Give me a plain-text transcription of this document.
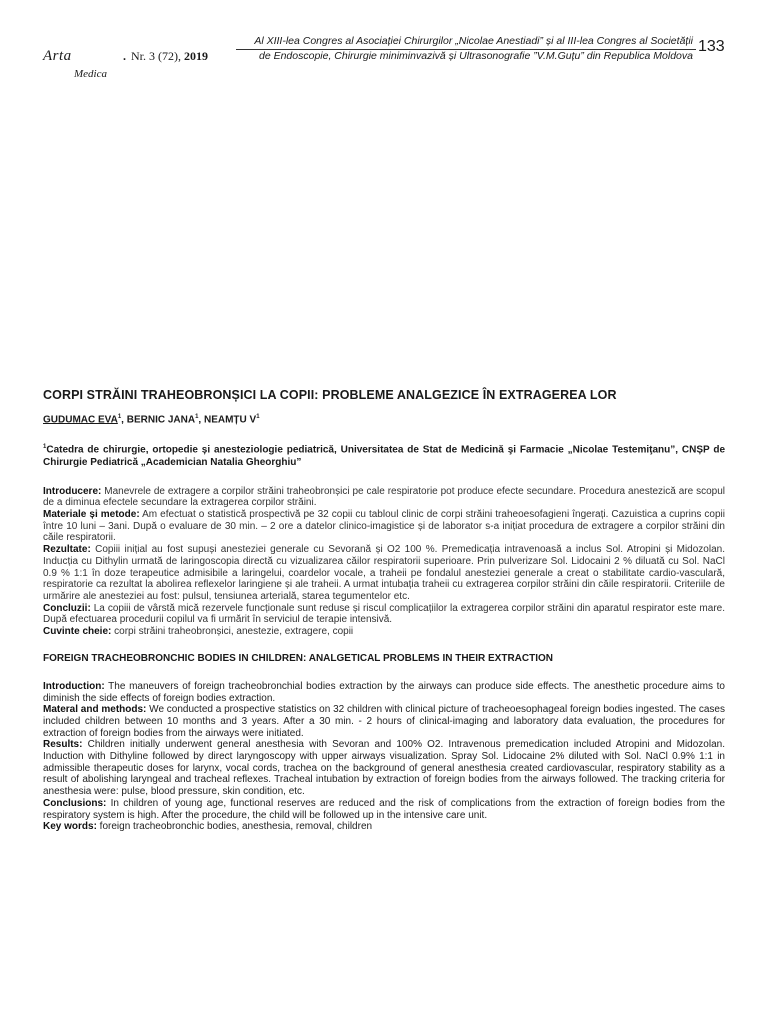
Arta
Medica
. Nr. 3 (72), 2019
Al XIII-lea Congres al Asociației Chirurgilor „Nicolae Anestiadi” și al III-lea Congres al Societății
de Endoscopie, Chirurgie miniminvazivă și Ultrasonografie ”V.M.Guțu” din Republica Moldova
133
CORPI STRĂINI TRAHEOBRONȘICI LA COPII: PROBLEME ANALGEZICE ÎN EXTRAGEREA LOR

GUDUMAC EVA$^1$, BERNIC JANA$^1$, NEAMȚU $V^1$

$^1$Catedra de chirurgie, ortopedie și anesteziologie pediatrică, Universitatea de Stat de Medicină şi Farmacie „Nicolae Testemiţanu”, CNȘP de Chirurgie Pediatrică „Academician Natalia Gheorghiu”

Introducere: Manevrele de extragere a corpilor străini traheobronșici pe cale respiratorie pot produce efecte secundare. Procedura anestezică are scopul de a diminua efectele secundare la extragerea corpilor străini.

Materiale și metode: Am efectuat o statistică prospectivă pe 32 copii cu tabloul clinic de corpi străini traheoesofagieni îngerați. Cazuistica a cuprins copii între 10 luni – 3ani. După o evaluare de 30 min. – 2 ore a datelor clinico-imagistice și de laborator s-a inițiat procedura de extragere a corpilor străini din căile respiratorii.

Rezultate: Copiii inițial au fost supuși anesteziei generale cu Sevorană și O2 100 %. Premedicația intravenoasă a inclus Sol. Atropini și Midozolan. Inducția cu Dithylin urmată de laringoscopia directă cu vizualizarea căilor respiratorii superioare. Prin pulverizare Sol. Lidocaini 2 % diluată cu Sol. NaCl 0.9 % 1:1 în doze terapeutice admisibile a laringelui, coardelor vocale, a traheii pe fondalul anesteziei generale a creat o stabilitate cardio-vasculară, respiratorie ca rezultat la abolirea reflexelor laringiene și ale traheii. A urmat intubația traheii cu extragerea corpilor străini din căile respiratorii. Criteriile de urmărire ale anesteziei au fost: pulsul, tensiunea arterială, starea tegumentelor etc.

Concluzii: La copiii de vârstă mică rezervele funcționale sunt reduse și riscul complicațiilor la extragerea corpilor străini din aparatul respirator este mare. După efectuarea procedurii copilul va fi urmărit în serviciul de terapie intensivă.

Cuvinte cheie: corpi străini traheobronșici, anestezie, extragere, copii

FOREIGN TRACHEOBRONCHIC BODIES IN CHILDREN: ANALGETICAL PROBLEMS IN THEIR EXTRACTION

Introduction: The maneuvers of foreign tracheobronchial bodies extraction by the airways can produce side effects. The anesthetic procedure aims to diminish the side effects of foreign bodies extraction.

Materal and methods: We conducted a prospective statistics on 32 children with clinical picture of tracheoesophageal foreign bodies ingested. The cases included children between 10 months and 3 years. After a 30 min. - 2 hours of clinical-imaging and laboratory data evaluation, the procedures for extraction of foreign bodies from the airways were initiated.

Results: Children initially underwent general anesthesia with Sevoran and 100% O2. Intravenous premedication included Atropini and Midozolan. Induction with Dithyline followed by direct laryngoscopy with upper airways visualization. Spray Sol. Lidocaine 2% diluted with Sol. NaCl 0.9% 1:1 in admissible therapeutic doses for larynx, vocal cords, trachea on the background of general anesthesia created cardiovascular, respiratory stability as a result of abolishing laryngeal and tracheal reflexes. Tracheal intubation by extraction of foreign bodies from the airways followed. The tracking criteria for anesthesia were: pulse, blood pressure, skin condition, etc.

Conclusions: In children of young age, functional reserves are reduced and the risk of complications from the extraction of foreign bodies from the respiratory system is high. After the procedure, the child will be followed up in the intensive care unit.

Key words: foreign tracheobronchic bodies, anesthesia, removal, children
